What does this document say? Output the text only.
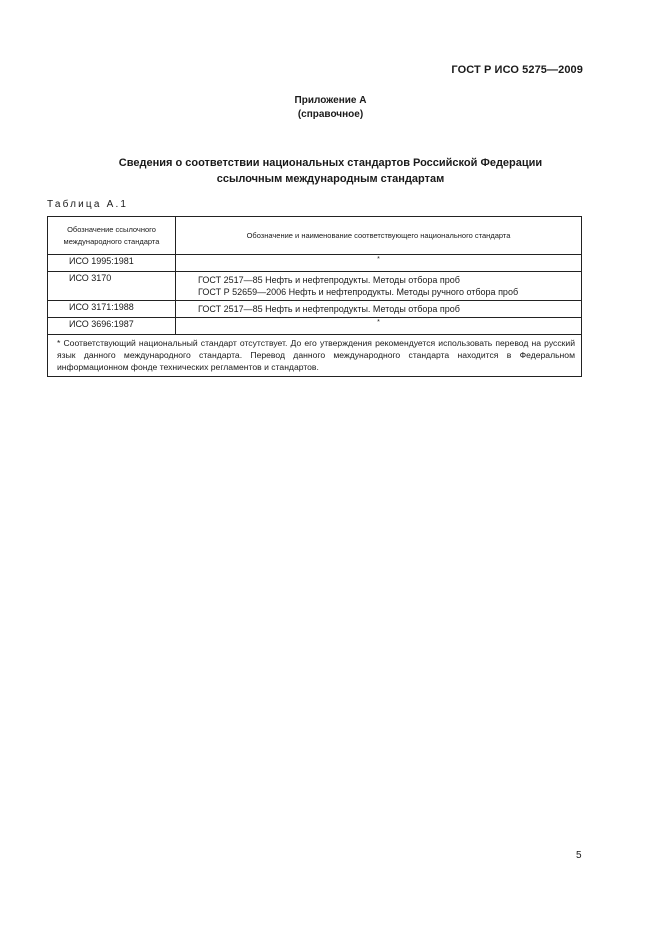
ГОСТ Р ИСО 5275—2009
Приложение А
(справочное)
Сведения о соответствии национальных стандартов Российской Федерации
ссылочным международным стандартам
Таблица А.1
Обозначение ссылочного международного стандарта	Обозначение и наименование соответствующего национального стандарта
ИСО 1995:1981	*

ИСО 3170	ГОСТ 2517—85 Нефть и нефтепродукты. Методы отбора проб
ГОСТ Р 52659—2006 Нефть и нефтепродукты. Методы ручного отбора проб

ИСО 3171:1988	ГОСТ 2517—85 Нефть и нефтепродукты. Методы отбора проб

ИСО 3696:1987	*

* Соответствующий национальный стандарт отсутствует. До его утверждения рекомендуется использовать перевод на русский язык данного международного стандарта. Перевод данного международного стандарта находится в Федеральном информационном фонде технических регламентов и стандартов.	
5
